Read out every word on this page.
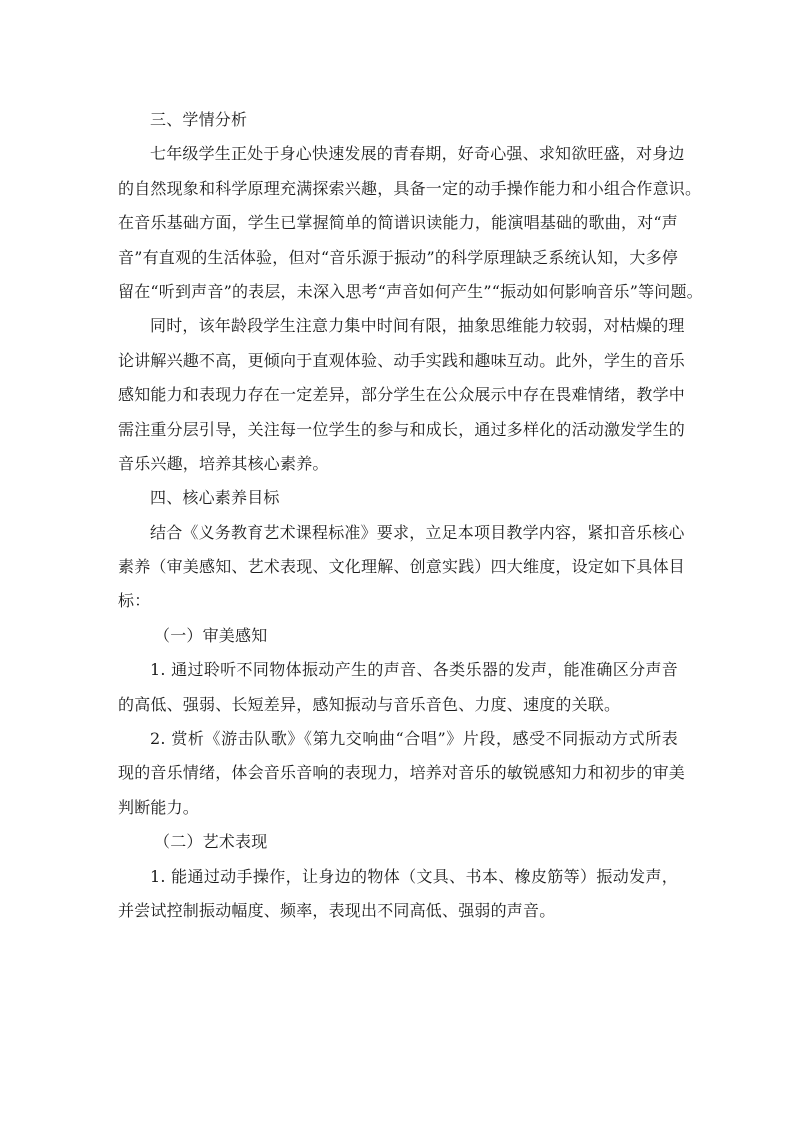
三、学情分析
七年级学生正处于身心快速发展的青春期，好奇心强、求知欲旺盛，对身边
的自然现象和科学原理充满探索兴趣，具备一定的动手操作能力和小组合作意识。
在音乐基础方面，学生已掌握简单的简谱识读能力，能演唱基础的歌曲，对“声
音”有直观的生活体验，但对“音乐源于振动”的科学原理缺乏系统认知，大多停
留在“听到声音”的表层，未深入思考“声音如何产生”“振动如何影响音乐”等问题。
同时，该年龄段学生注意力集中时间有限，抽象思维能力较弱，对枯燥的理
论讲解兴趣不高，更倾向于直观体验、动手实践和趣味互动。此外，学生的音乐
感知能力和表现力存在一定差异，部分学生在公众展示中存在畏难情绪，教学中
需注重分层引导，关注每一位学生的参与和成长，通过多样化的活动激发学生的
音乐兴趣，培养其核心素养。
四、核心素养目标
结合《义务教育艺术课程标准》要求，立足本项目教学内容，紧扣音乐核心
素养（审美感知、艺术表现、文化理解、创意实践）四大维度，设定如下具体目
标：
（一）审美感知
1. 通过聆听不同物体振动产生的声音、各类乐器的发声，能准确区分声音
的高低、强弱、长短差异，感知振动与音乐音色、力度、速度的关联。
2. 赏析《游击队歌》《第九交响曲“合唱”》片段，感受不同振动方式所表
现的音乐情绪，体会音乐音响的表现力，培养对音乐的敏锐感知力和初步的审美
判断能力。
（二）艺术表现
1. 能通过动手操作，让身边的物体（文具、书本、橡皮筋等）振动发声，
并尝试控制振动幅度、频率，表现出不同高低、强弱的声音。
